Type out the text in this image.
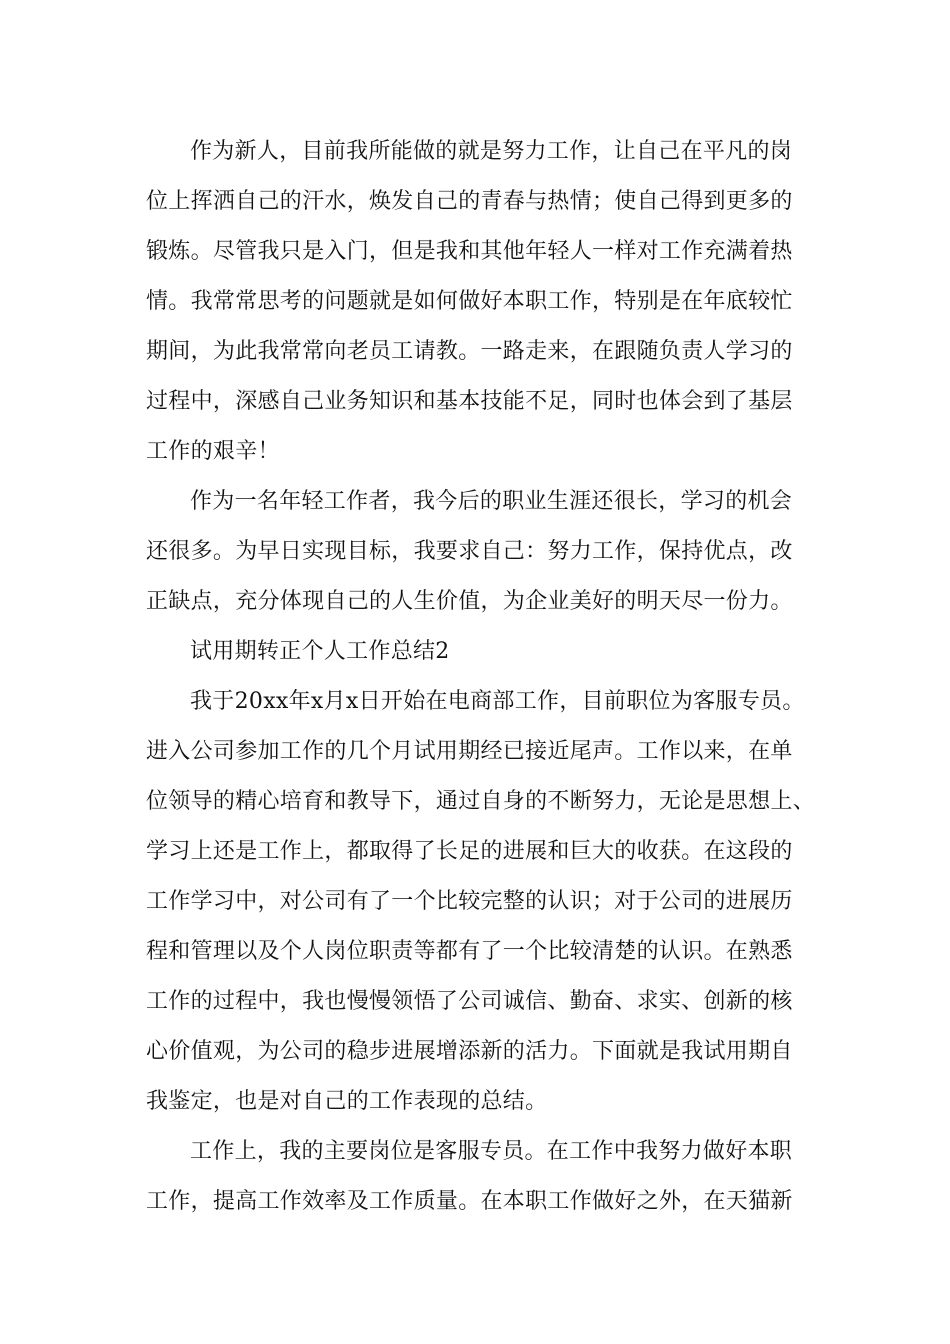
作为新人，目前我所能做的就是努力工作，让自己在平凡的岗
位上挥洒自己的汗水，焕发自己的青春与热情；使自己得到更多的
锻炼。尽管我只是入门，但是我和其他年轻人一样对工作充满着热
情。我常常思考的问题就是如何做好本职工作，特别是在年底较忙
期间，为此我常常向老员工请教。一路走来，在跟随负责人学习的
过程中，深感自己业务知识和基本技能不足，同时也体会到了基层
工作的艰辛！
作为一名年轻工作者，我今后的职业生涯还很长，学习的机会
还很多。为早日实现目标，我要求自己：努力工作，保持优点，改
正缺点，充分体现自己的人生价值，为企业美好的明天尽一份力。
试用期转正个人工作总结2
我于20xx年x月x日开始在电商部工作，目前职位为客服专员。
进入公司参加工作的几个月试用期经已接近尾声。工作以来，在单
位领导的精心培育和教导下，通过自身的不断努力，无论是思想上、
学习上还是工作上，都取得了长足的进展和巨大的收获。在这段的
工作学习中，对公司有了一个比较完整的认识；对于公司的进展历
程和管理以及个人岗位职责等都有了一个比较清楚的认识。在熟悉
工作的过程中，我也慢慢领悟了公司诚信、勤奋、求实、创新的核
心价值观，为公司的稳步进展增添新的活力。下面就是我试用期自
我鉴定，也是对自己的工作表现的总结。
工作上，我的主要岗位是客服专员。在工作中我努力做好本职
工作，提高工作效率及工作质量。在本职工作做好之外，在天猫新
